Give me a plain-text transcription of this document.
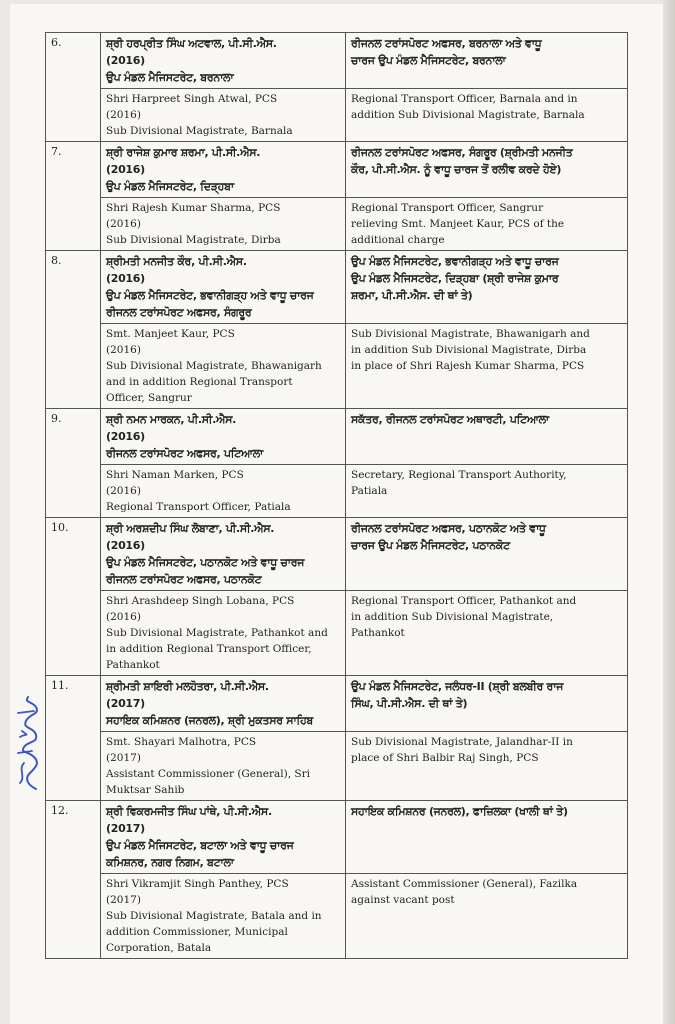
6.	ਸ਼੍ਰੀ ਹਰਪ੍ਰੀਤ ਸਿੰਘ ਅਟਵਾਲ, ਪੀ.ਸੀ.ਐਸ.
(2016)
ਉਪ ਮੰਡਲ ਮੈਜਿਸਟਰੇਟ, ਬਰਨਾਲਾ	ਰੀਜਨਲ ਟਰਾਂਸਪੋਰਟ ਅਫਸਰ, ਬਰਨਾਲਾ ਅਤੇ ਵਾਧੂ
ਚਾਰਜ ਉਪ ਮੰਡਲ ਮੈਜਿਸਟਰੇਟ, ਬਰਨਾਲਾ

	Shri Harpreet Singh Atwal, PCS
(2016)
Sub Divisional Magistrate, Barnala	Regional Transport Officer, Barnala and in
addition Sub Divisional Magistrate, Barnala

7.	ਸ਼੍ਰੀ ਰਾਜੇਸ਼ ਕੁਮਾਰ ਸ਼ਰਮਾ, ਪੀ.ਸੀ.ਐਸ.
(2016)
ਉਪ ਮੰਡਲ ਮੈਜਿਸਟਰੇਟ, ਦਿੜ੍ਹਬਾ	ਰੀਜਨਲ ਟਰਾਂਸਪੋਰਟ ਅਫਸਰ, ਸੰਗਰੂਰ (ਸ਼੍ਰੀਮਤੀ ਮਨਜੀਤ
ਕੌਰ, ਪੀ.ਸੀ.ਐਸ. ਨੂੰ ਵਾਧੂ ਚਾਰਜ ਤੋਂ ਰਲੀਵ ਕਰਦੇ ਹੋਏ)

	Shri Rajesh Kumar Sharma, PCS
(2016)
Sub Divisional Magistrate, Dirba	Regional Transport Officer, Sangrur
relieving Smt. Manjeet Kaur, PCS of the
additional charge

8.	ਸ਼੍ਰੀਮਤੀ ਮਨਜੀਤ ਕੌਰ, ਪੀ.ਸੀ.ਐਸ.
(2016)
ਉਪ ਮੰਡਲ ਮੈਜਿਸਟਰੇਟ, ਭਵਾਨੀਗੜ੍ਹ ਅਤੇ ਵਾਧੂ ਚਾਰਜ
ਰੀਜਨਲ ਟਰਾਂਸਪੋਰਟ ਅਫਸਰ, ਸੰਗਰੂਰ	ਉਪ ਮੰਡਲ ਮੈਜਿਸਟਰੇਟ, ਭਵਾਨੀਗੜ੍ਹ ਅਤੇ ਵਾਧੂ ਚਾਰਜ
ਉਪ ਮੰਡਲ ਮੈਜਿਸਟਰੇਟ, ਦਿੜ੍ਹਬਾ (ਸ਼੍ਰੀ ਰਾਜੇਸ਼ ਕੁਮਾਰ
ਸ਼ਰਮਾ, ਪੀ.ਸੀ.ਐਸ. ਦੀ ਥਾਂ ਤੇ)

	Smt. Manjeet Kaur, PCS
(2016)
Sub Divisional Magistrate, Bhawanigarh
and in addition Regional Transport
Officer, Sangrur	Sub Divisional Magistrate, Bhawanigarh and
in addition Sub Divisional Magistrate, Dirba
in place of Shri Rajesh Kumar Sharma, PCS

9.	ਸ਼੍ਰੀ ਨਮਨ ਮਾਰਕਨ, ਪੀ.ਸੀ.ਐਸ.
(2016)
ਰੀਜਨਲ ਟਰਾਂਸਪੋਰਟ ਅਫਸਰ, ਪਟਿਆਲਾ	ਸਕੱਤਰ, ਰੀਜਨਲ ਟਰਾਂਸਪੋਰਟ ਅਥਾਰਟੀ, ਪਟਿਆਲਾ

	Shri Naman Marken, PCS
(2016)
Regional Transport Officer, Patiala	Secretary, Regional Transport Authority,
Patiala

10.	ਸ਼੍ਰੀ ਅਰਸ਼ਦੀਪ ਸਿੰਘ ਲੋਬਾਣਾ, ਪੀ.ਸੀ.ਐਸ.
(2016)
ਉਪ ਮੰਡਲ ਮੈਜਿਸਟਰੇਟ, ਪਠਾਨਕੋਟ ਅਤੇ ਵਾਧੂ ਚਾਰਜ
ਰੀਜਨਲ ਟਰਾਂਸਪੋਰਟ ਅਫਸਰ, ਪਠਾਨਕੋਟ	ਰੀਜਨਲ ਟਰਾਂਸਪੋਰਟ ਅਫਸਰ, ਪਠਾਨਕੋਟ ਅਤੇ ਵਾਧੂ
ਚਾਰਜ ਉਪ ਮੰਡਲ ਮੈਜਿਸਟਰੇਟ, ਪਠਾਨਕੋਟ

	Shri Arashdeep Singh Lobana, PCS
(2016)
Sub Divisional Magistrate, Pathankot and
in addition Regional Transport Officer,
Pathankot	Regional Transport Officer, Pathankot and
in addition Sub Divisional Magistrate,
Pathankot

11.	ਸ਼੍ਰੀਮਤੀ ਸ਼ਾਇਰੀ ਮਲਹੋਤਰਾ, ਪੀ.ਸੀ.ਐਸ.
(2017)
ਸਹਾਇਕ ਕਮਿਸ਼ਨਰ (ਜਨਰਲ), ਸ਼੍ਰੀ ਮੁਕਤਸਰ ਸਾਹਿਬ	ਉਪ ਮੰਡਲ ਮੈਜਿਸਟਰੇਟ, ਜਲੰਧਰ-II (ਸ਼੍ਰੀ ਬਲਬੀਰ ਰਾਜ
ਸਿੰਘ, ਪੀ.ਸੀ.ਐਸ. ਦੀ ਥਾਂ ਤੇ)

	Smt. Shayari Malhotra, PCS
(2017)
Assistant Commissioner (General), Sri
Muktsar Sahib	Sub Divisional Magistrate, Jalandhar-II in
place of Shri Balbir Raj Singh, PCS

12.	ਸ਼੍ਰੀ ਵਿਕਰਮਜੀਤ ਸਿੰਘ ਪਾਂਥੇ, ਪੀ.ਸੀ.ਐਸ.
(2017)
ਉਪ ਮੰਡਲ ਮੈਜਿਸਟਰੇਟ, ਬਟਾਲਾ ਅਤੇ ਵਾਧੂ ਚਾਰਜ
ਕਮਿਸ਼ਨਰ, ਨਗਰ ਨਿਗਮ, ਬਟਾਲਾ	ਸਹਾਇਕ ਕਮਿਸ਼ਨਰ (ਜਨਰਲ), ਫਾਜ਼ਿਲਕਾ (ਖਾਲੀ ਥਾਂ ਤੇ)

	Shri Vikramjit Singh Panthey, PCS
(2017)
Sub Divisional Magistrate, Batala and in
addition Commissioner, Municipal
Corporation, Batala	Assistant Commissioner (General), Fazilka
against vacant post
